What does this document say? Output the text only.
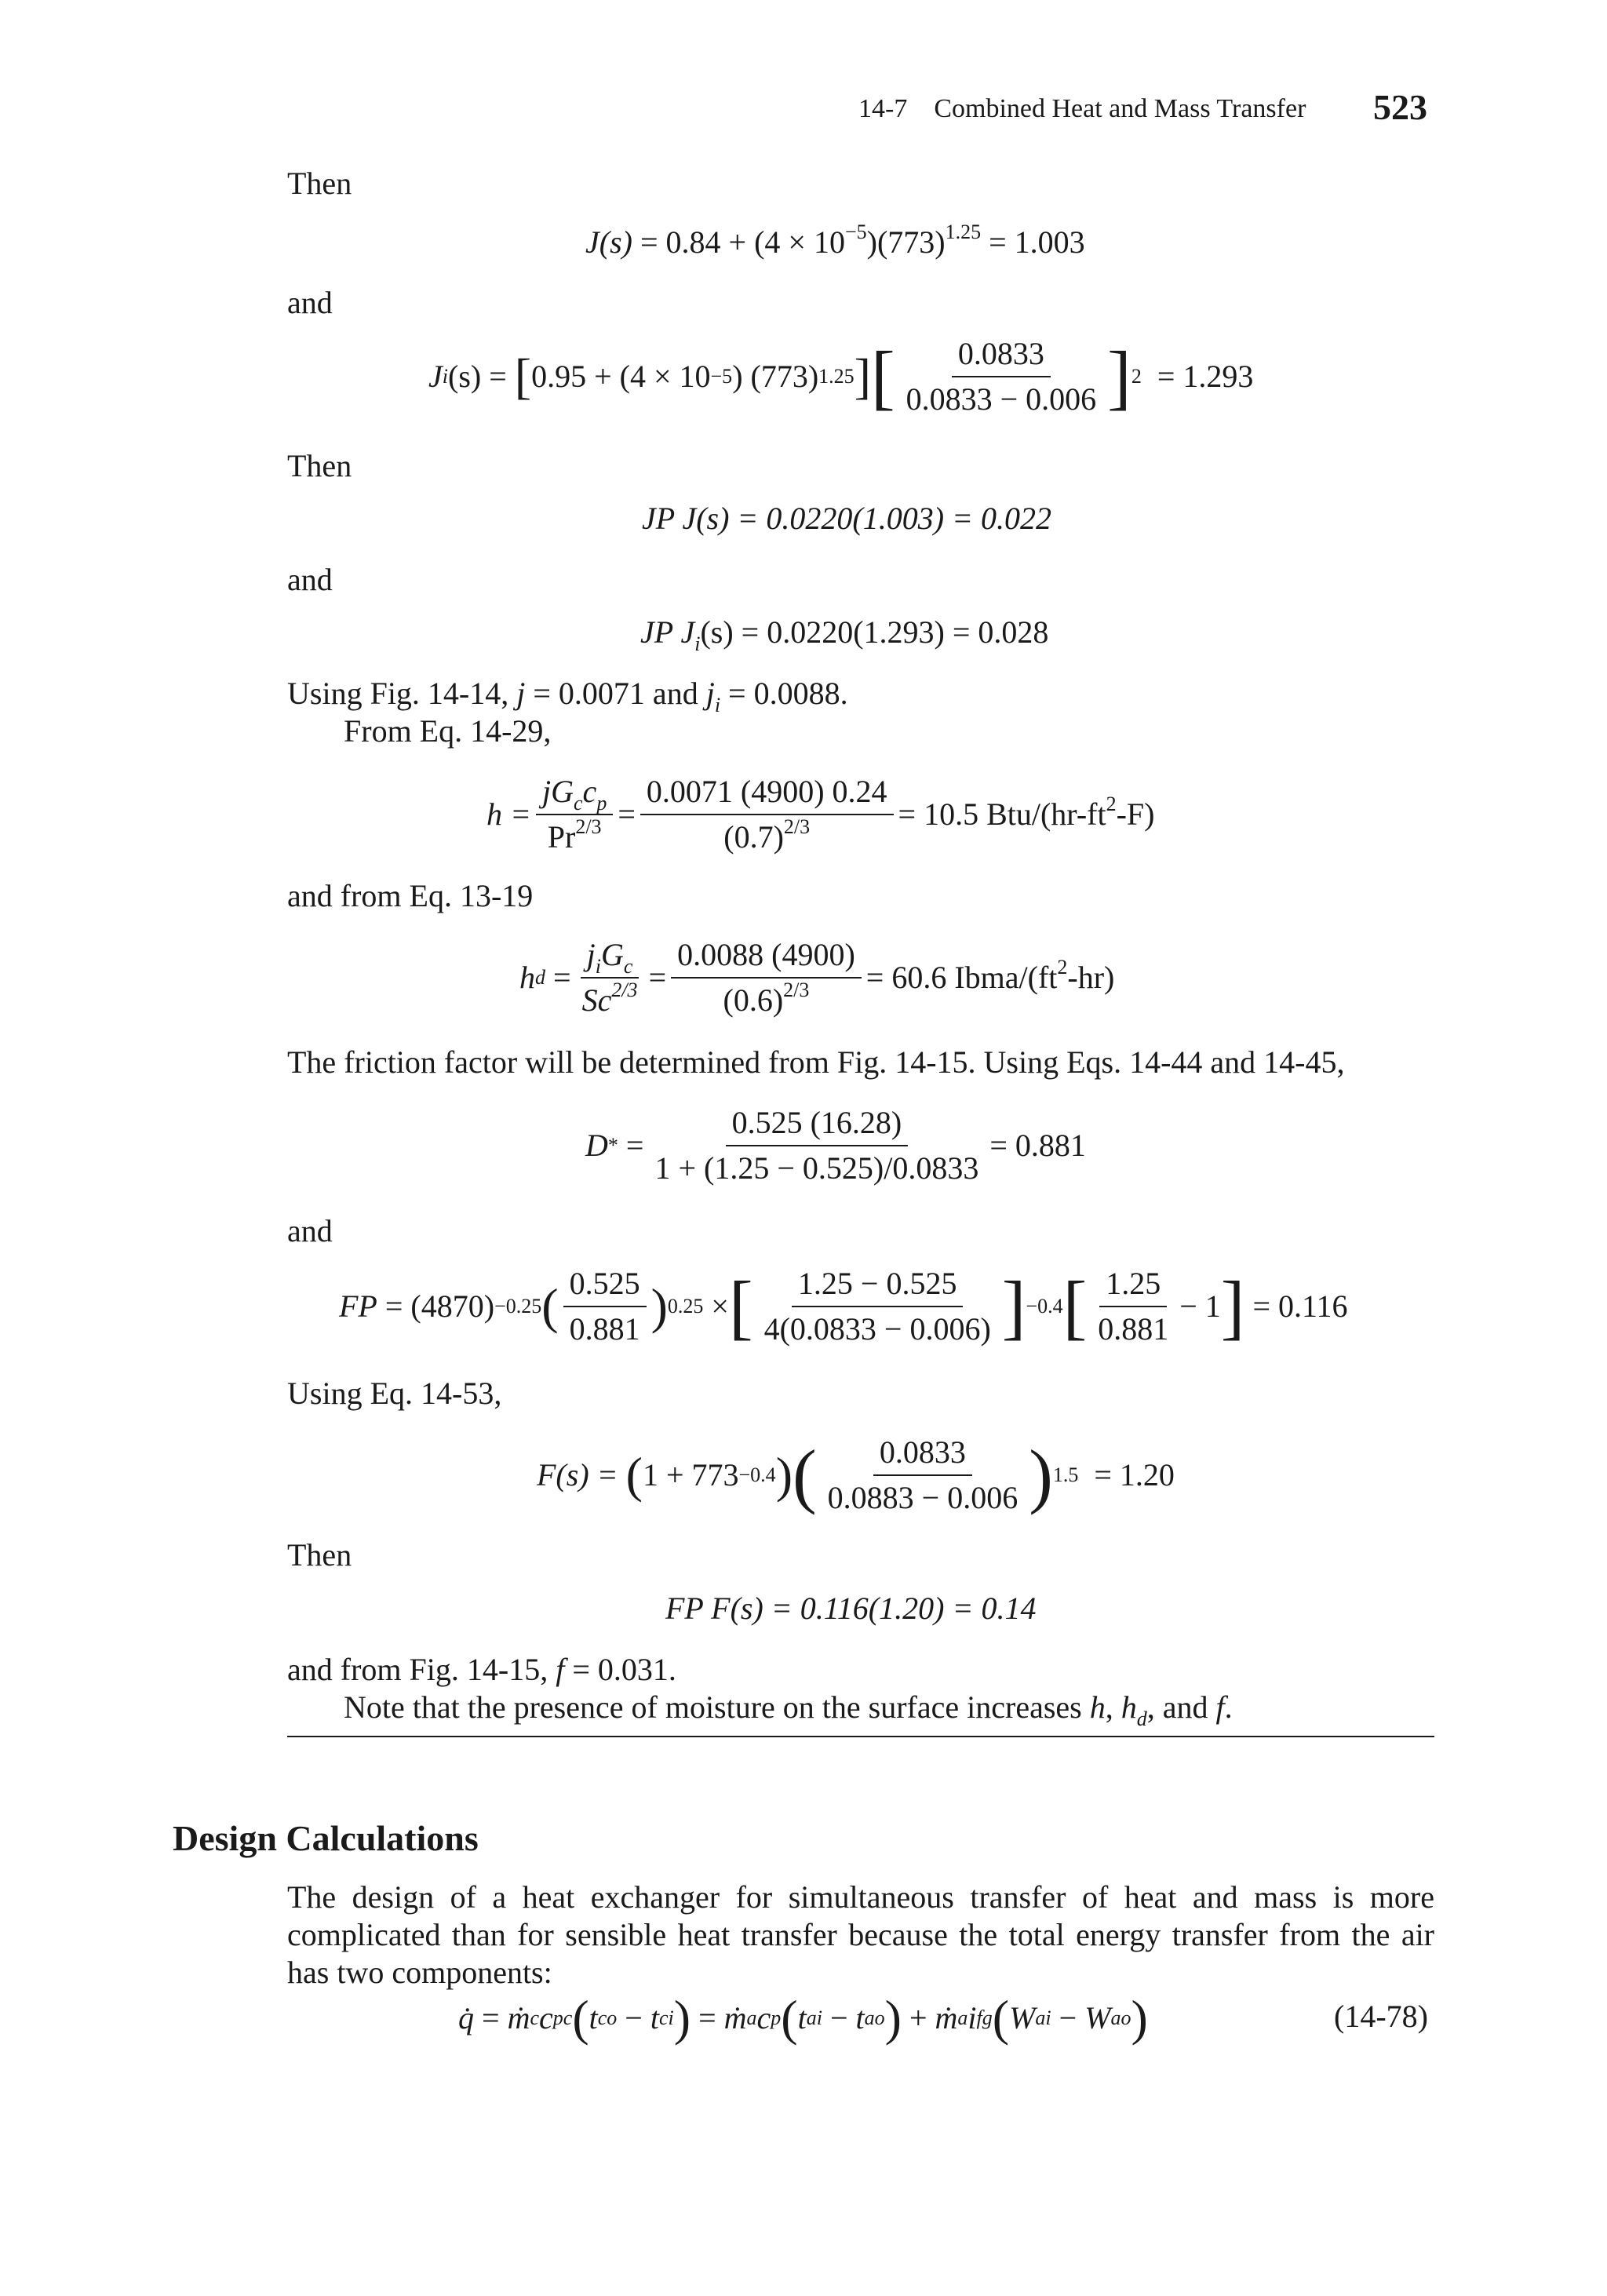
14-7 Combined Heat and Mass Transfer 523
Then
$J(s) = 0.84 + (4 \times 10^{-5})(773)^{1.25} = 1.003$
and
J i (s) =
[ 0.95 + (4 × 10 −5 ) (773) 1.25 ] [ $\frac{0.0833}{0.0833 - 0.006}$ ] 2
= 1.293
Then
JP J(s) = 0.0220(1.003) = 0.022
and
JP $J_i(s) = 0.0220(1.293) = 0.028$
Using Fig. 14-14, j = 0.0071 and $j_i = 0.0088$.
From Eq. 14-29,
$h = \frac{jG_cc_p}{Pr^{2/3}} = \frac{0.0071 (4900) 0.24}{(0.7)^{2/3}} = 10.5$ Btu/$(hr-ft^2-F)$
and from Eq. 13-19
h d
= $\frac{j_iG_c}{Sc^{2/3}} = \frac{0.0088 (4900)}{(0.6)^{2/3}} = 60.6$ Ibma/$(ft^2-hr)$
The friction factor will be determined from Fig. 14-15. Using Eqs. 14-44 and 14-45,
D *
= $\frac{0.525 (16.28)}{1 + (1.25 - 0.525)/0.0833} = 0.881$
and
FP
= (4870) −0.25 ( $\frac{0.525}{0.881}$ ) 0.25
× [ $\frac{1.25 - 0.525}{4(0.0833 - 0.006)}$ ] −0.4 [ $\frac{1.25}{0.881} - 1$ ]
= 0.116
Using Eq. 14-53,
F(s) =
( 1 + 773 −0.4 ) ( $\frac{0.0833}{0.0883 - 0.006}$ ) 1.5
= 1.20
Then
FP F(s) = 0.116(1.20) = 0.14
and from Fig. 14-15, f = 0.031.
Note that the presence of moisture on the surface increases h, $h_d$, and f.
Design Calculations
The design of a heat exchanger for simultaneous transfer of heat and mass is more complicated than for sensible heat transfer because the total energy transfer from the air has two components:
q̇ = ṁ c c pc ( t co − t ci ) = ṁ a c p ( t ai − t ao ) + ṁ a i fg ( W ai − W ao )	(14-78)
